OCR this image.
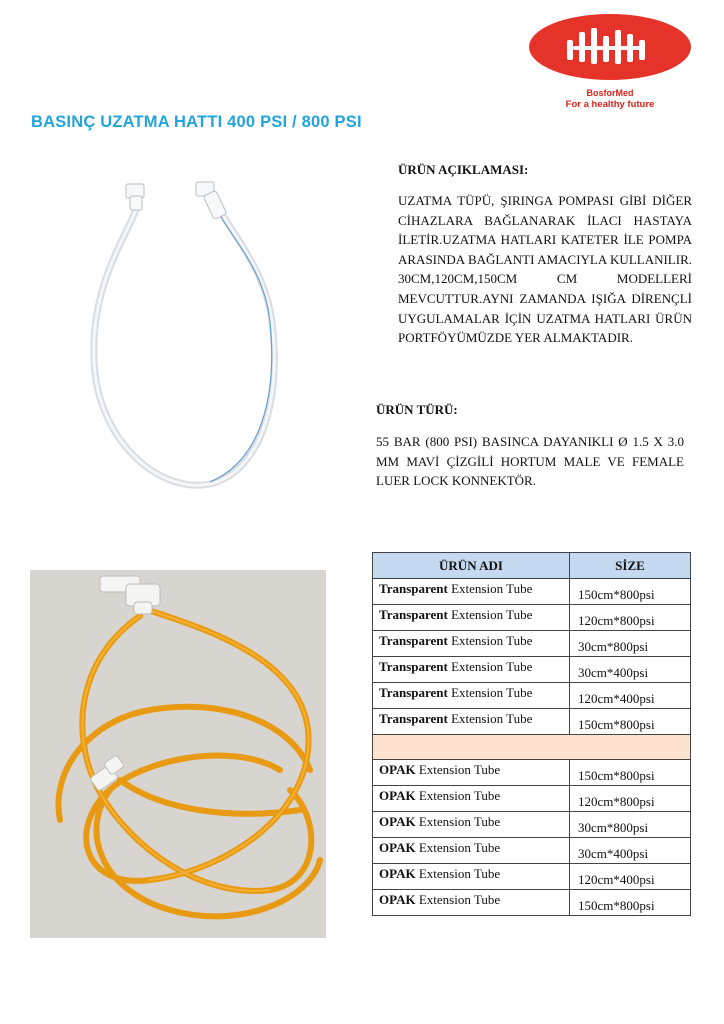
BosforMed
For a healthy future
BASINÇ UZATMA HATTI 400 PSI / 800 PSI
ÜRÜN AÇIKLAMASI:
UZATMA TÜPÜ, ŞIRINGA POMPASI GİBİ DİĞER CİHAZLARA BAĞLANARAK İLACI HASTAYA İLETİR.UZATMA HATLARI KATETER İLE POMPA ARASINDA BAĞLANTI AMACIYLA KULLANILIR. 30CM,120CM,150CM CM MODELLERİ MEVCUTTUR.AYNI ZAMANDA IŞIĞA DİRENÇLİ UYGULAMALAR İÇİN UZATMA HATLARI ÜRÜN PORTFÖYÜMÜZDE YER ALMAKTADIR.
ÜRÜN TÜRÜ:
55 BAR (800 PSI) BASINCA DAYANIKLI Ø 1.5 X 3.0 MM MAVİ ÇİZGİLİ HORTUM MALE VE FEMALE LUER LOCK KONNEKTÖR.
ÜRÜN ADI	SİZE
Transparent Extension Tube	150cm*800psi
Transparent Extension Tube	120cm*800psi
Transparent Extension Tube	30cm*800psi
Transparent Extension Tube	30cm*400psi
Transparent Extension Tube	120cm*400psi
Transparent Extension Tube	150cm*800psi

OPAK Extension Tube	150cm*800psi
OPAK Extension Tube	120cm*800psi
OPAK Extension Tube	30cm*800psi
OPAK Extension Tube	30cm*400psi
OPAK Extension Tube	120cm*400psi
OPAK Extension Tube	150cm*800psi
